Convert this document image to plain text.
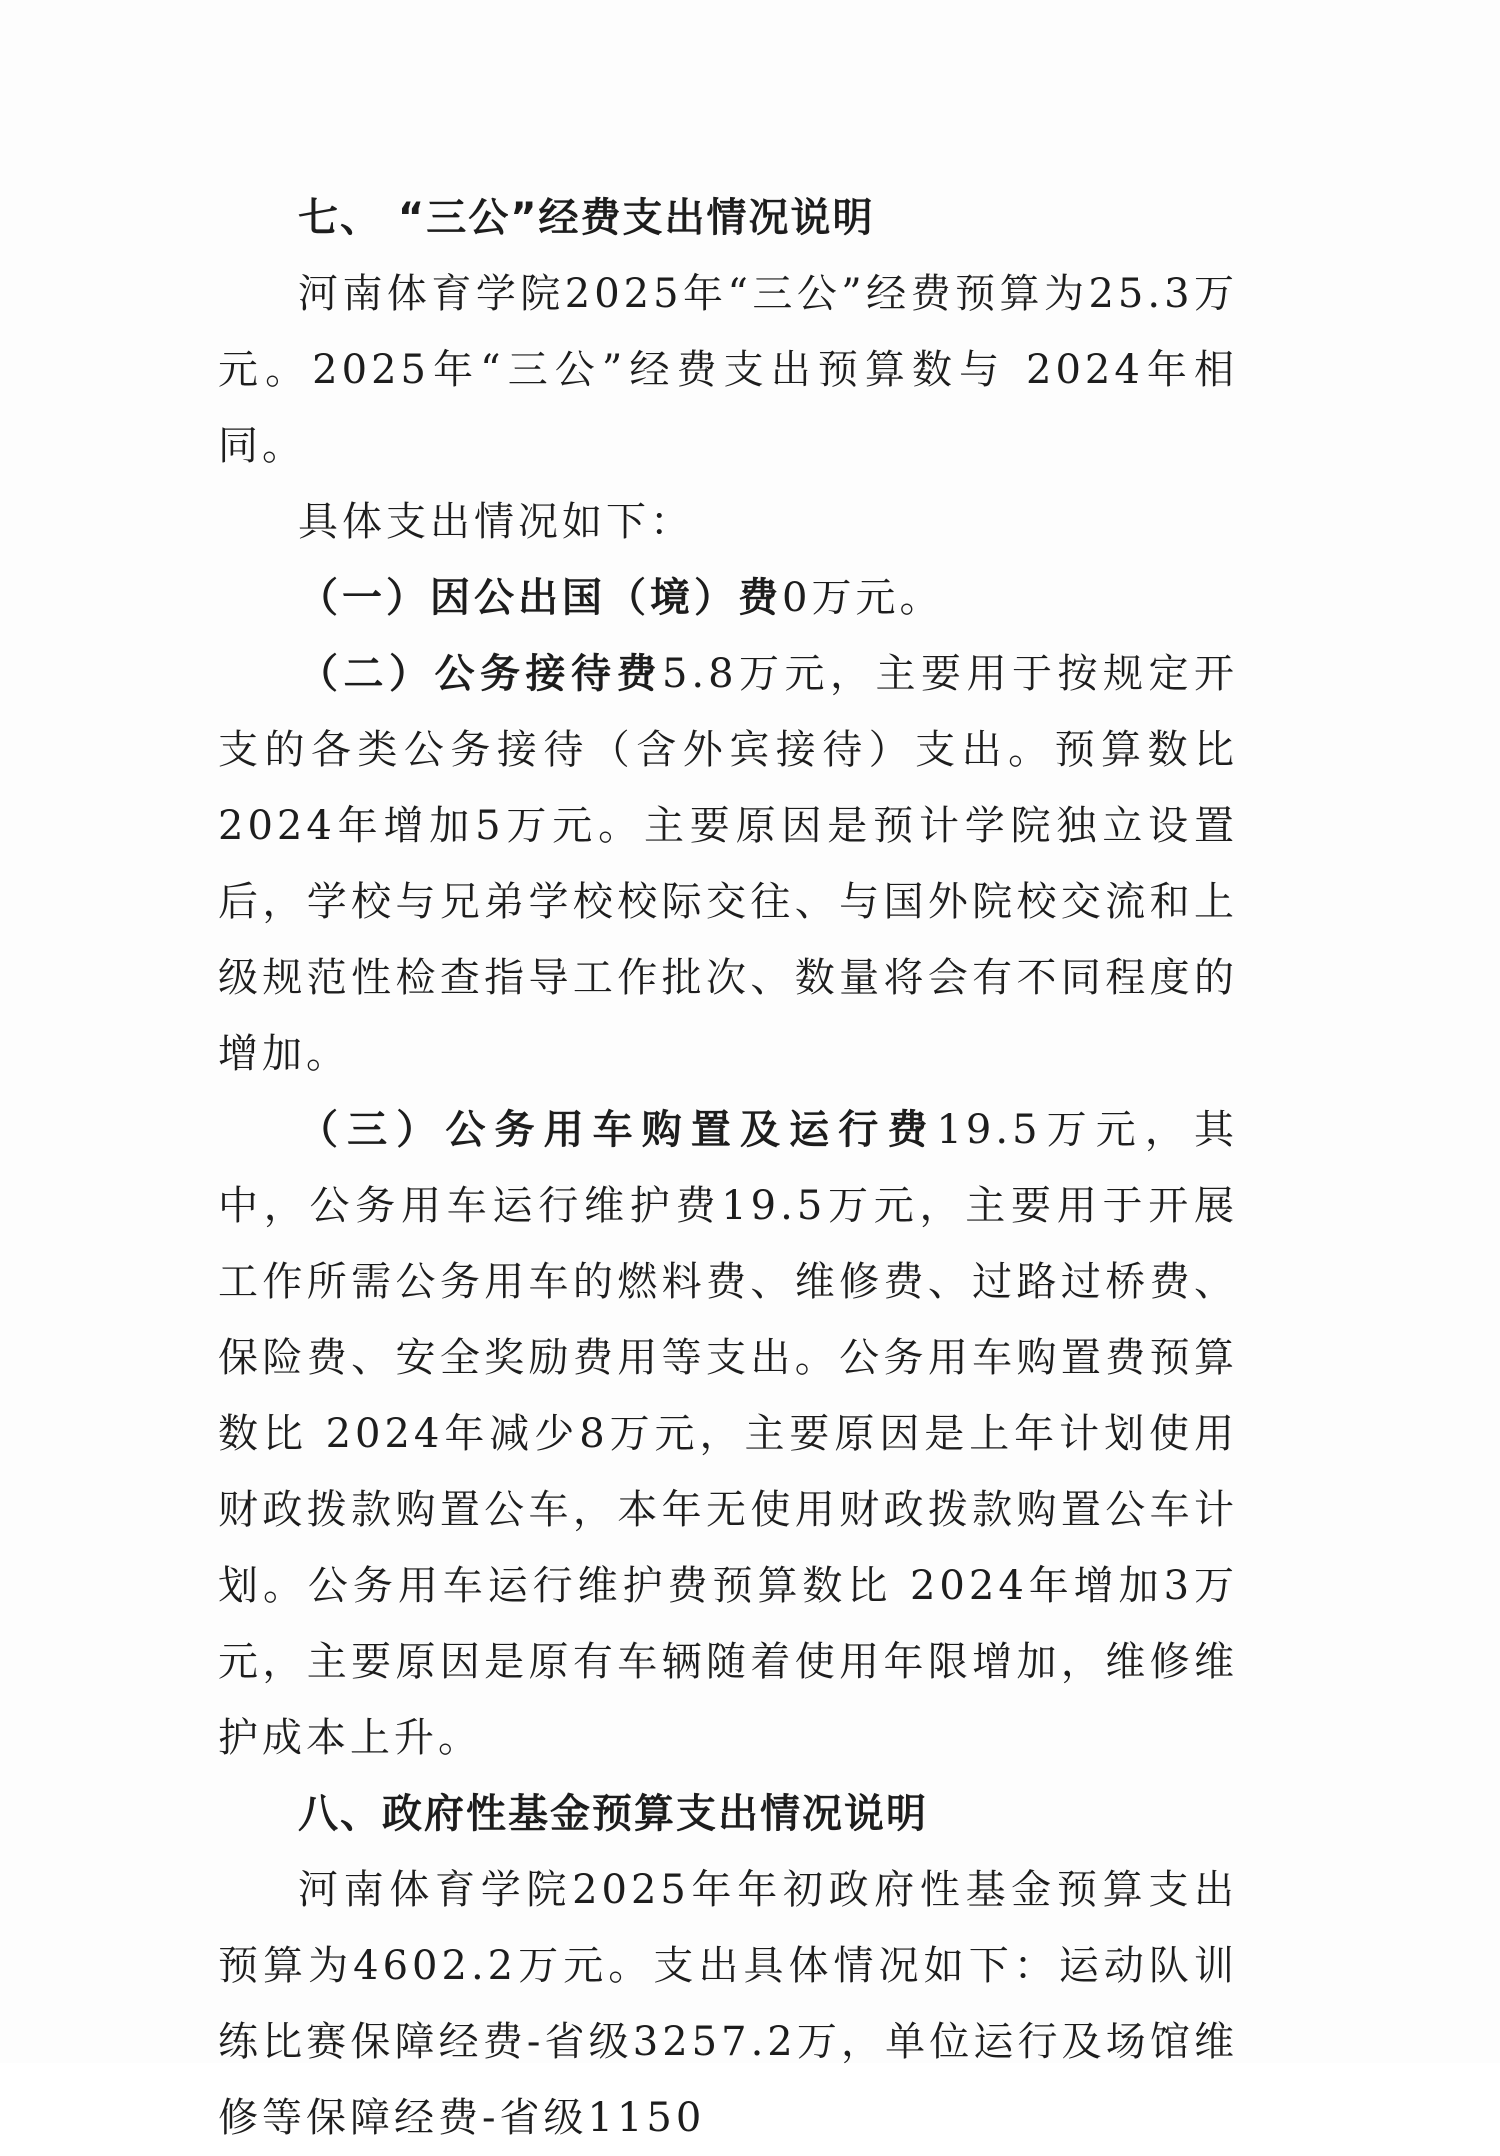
七、 “三公”经费支出情况说明

河南体育学院2025年“三公”经费预算为25.3万元。2025年“三公”经费支出预算数与 2024年相同。

具体支出情况如下：

（一）因公出国（境）费0万元。

（二）公务接待费5.8万元，主要用于按规定开支的各类公务接待（含外宾接待）支出。预算数比 2024年增加5万元。主要原因是预计学院独立设置后，学校与兄弟学校校际交往、与国外院校交流和上级规范性检查指导工作批次、数量将会有不同程度的增加。

（三）公务用车购置及运行费19.5万元，其中，公务用车运行维护费19.5万元，主要用于开展工作所需公务用车的燃料费、维修费、过路过桥费、保险费、安全奖励费用等支出。公务用车购置费预算数比 2024年减少8万元，主要原因是上年计划使用财政拨款购置公车，本年无使用财政拨款购置公车计划。公务用车运行维护费预算数比 2024年增加3万元，主要原因是原有车辆随着使用年限增加，维修维护成本上升。

八、政府性基金预算支出情况说明

河南体育学院2025年年初政府性基金预算支出预算为4602.2万元。支出具体情况如下：运动队训练比赛保障经费-省级3257.2万，单位运行及场馆维修等保障经费-省级1150
